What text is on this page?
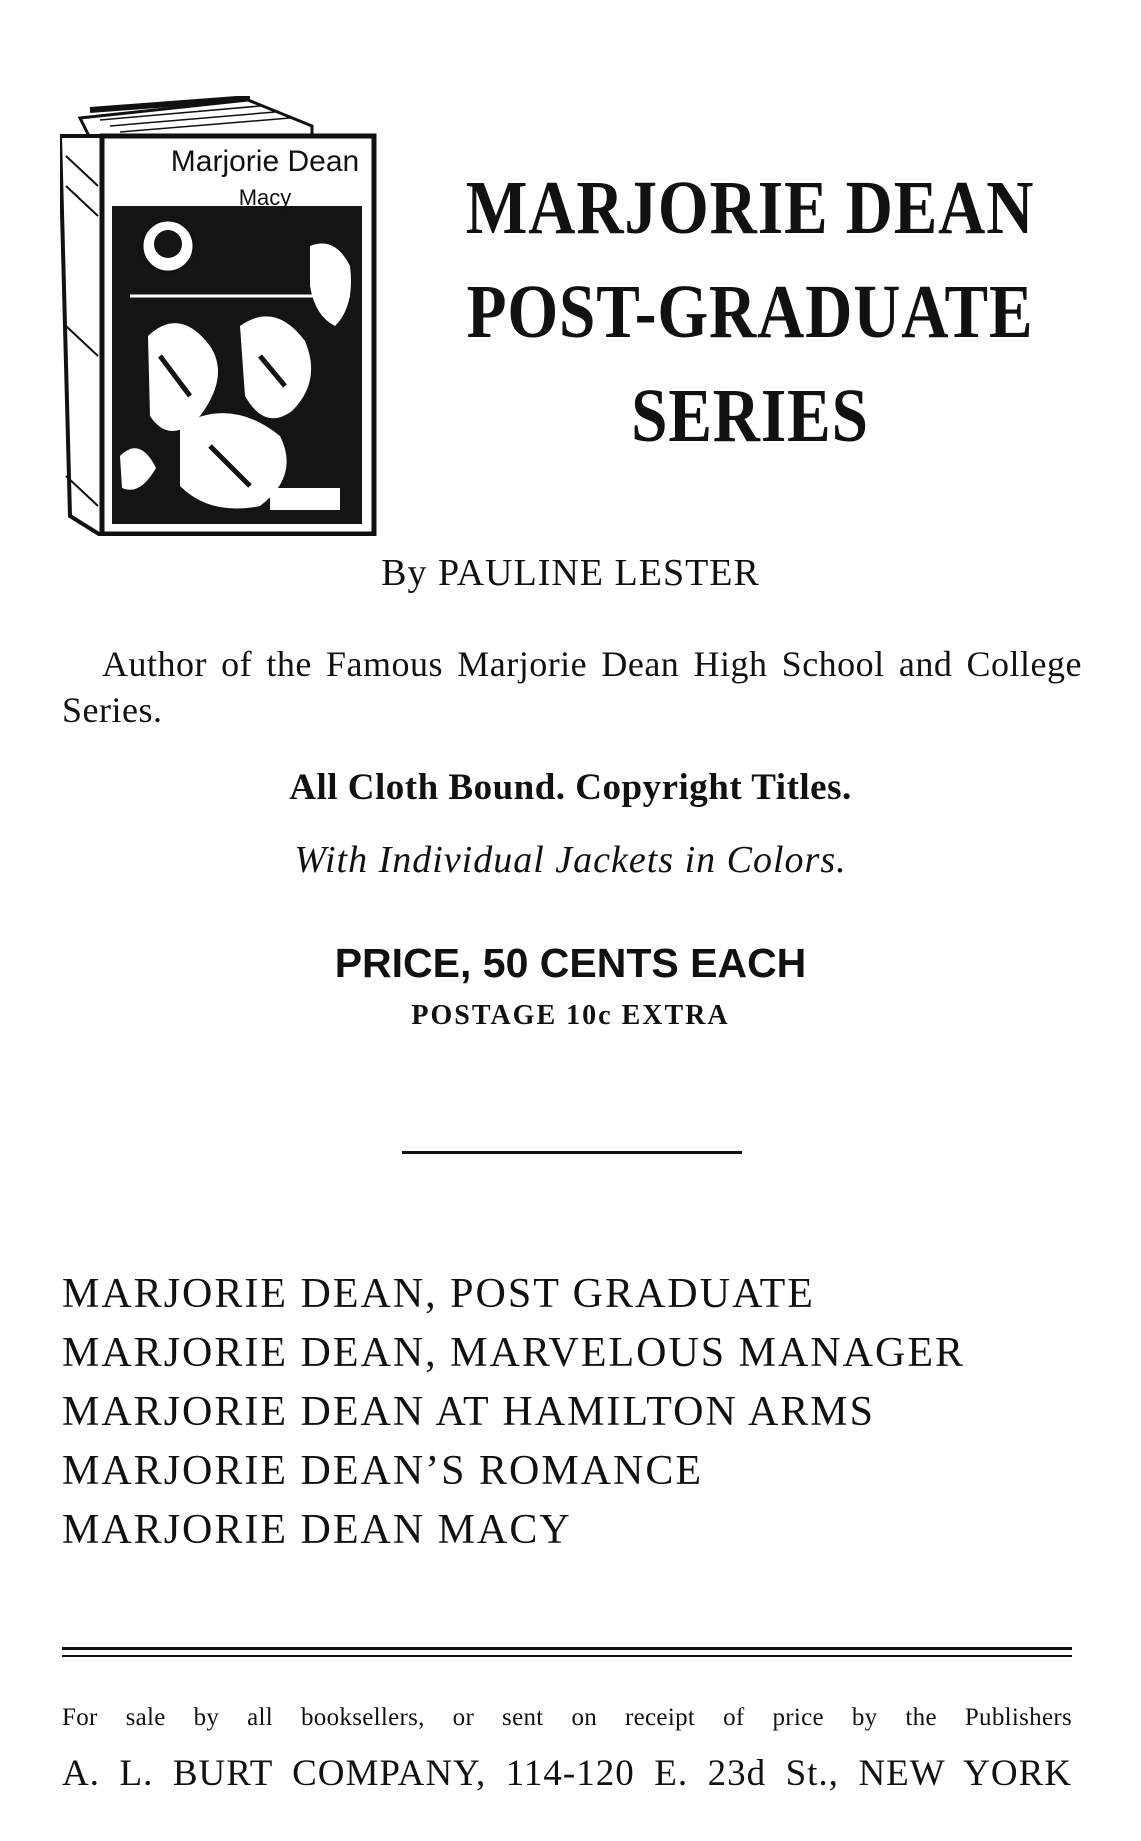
Marjorie Dean
Macy	MARJORIE DEAN
POST-GRADUATE
SERIES
By PAULINE LESTER
Author of the Famous Marjorie Dean High School and College Series.
All Cloth Bound. Copyright Titles.
With Individual Jackets in Colors.
PRICE, 50 CENTS EACH
POSTAGE 10c EXTRA
MARJORIE DEAN, POST GRADUATE
MARJORIE DEAN, MARVELOUS MANAGER
MARJORIE DEAN AT HAMILTON ARMS
MARJORIE DEAN’S ROMANCE
MARJORIE DEAN MACY
For sale by all booksellers, or sent on receipt of price by the Publishers
A. L. BURT COMPANY, 114-120 E. 23d St., NEW YORK
